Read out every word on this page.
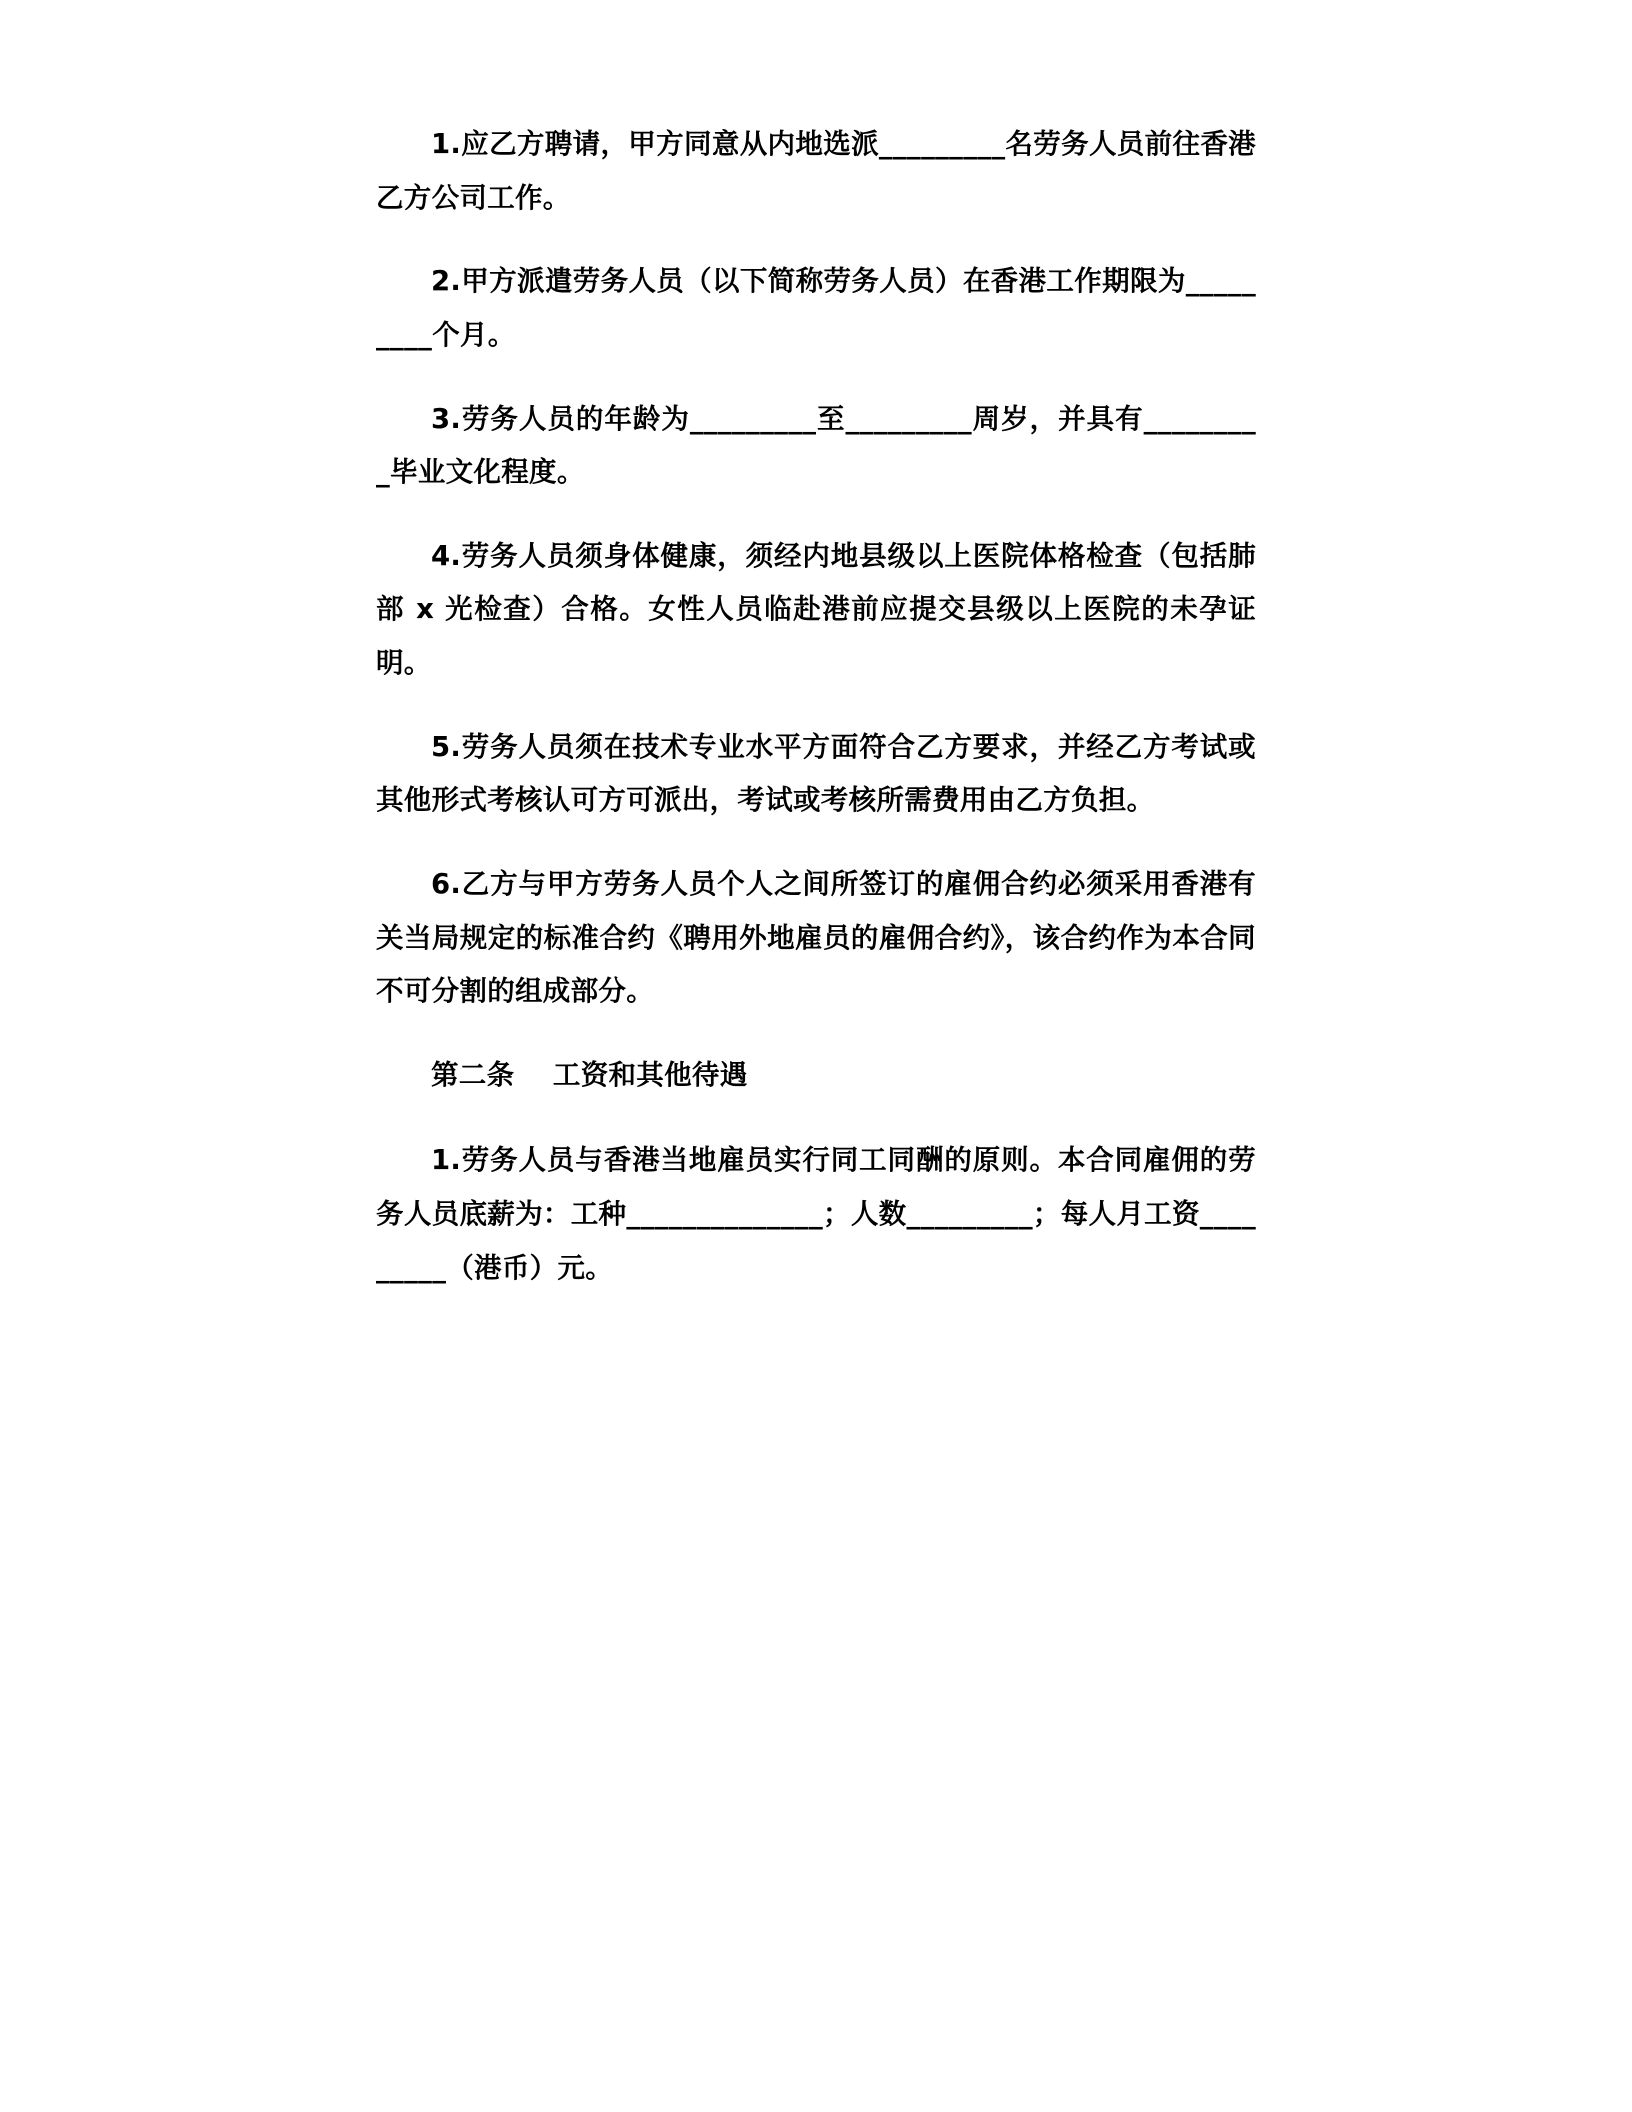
1.应乙方聘请，甲方同意从内地选派_________名劳务人员前往香港乙方公司工作。

2.甲方派遣劳务人员（以下简称劳务人员）在香港工作期限为_________个月。

3.劳务人员的年龄为_________至_________周岁，并具有_________毕业文化程度。

4.劳务人员须身体健康，须经内地县级以上医院体格检查（包括肺部 x 光检查）合格。女性人员临赴港前应提交县级以上医院的未孕证明。

5.劳务人员须在技术专业水平方面符合乙方要求，并经乙方考试或其他形式考核认可方可派出，考试或考核所需费用由乙方负担。

6.乙方与甲方劳务人员个人之间所签订的雇佣合约必须采用香港有关当局规定的标准合约《聘用外地雇员的雇佣合约》，该合约作为本合同不可分割的组成部分。

第二条 工资和其他待遇

1.劳务人员与香港当地雇员实行同工同酬的原则。本合同雇佣的劳务人员底薪为：工种______________；人数_________；每人月工资_________（港币）元。
